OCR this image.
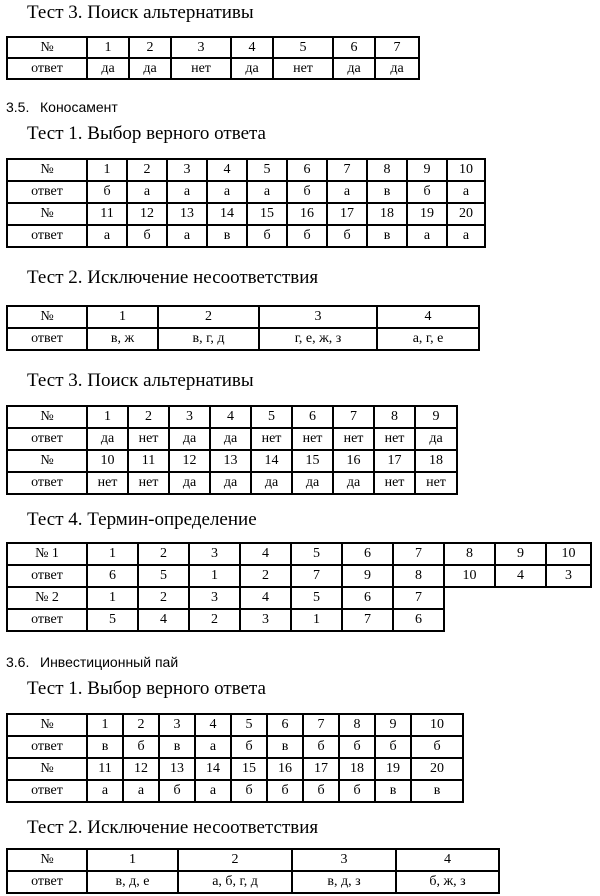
Тест 3. Поиск альтернативы
№	1	2	3	4	5	6	7
ответ	да	да	нет	да	нет	да	да
3.5. Коносамент
Тест 1. Выбор верного ответа
№	1	2	3	4	5	6	7	8	9	10
ответ	б	а	а	а	а	б	а	в	б	а
№	11	12	13	14	15	16	17	18	19	20
ответ	а	б	а	в	б	б	б	в	а	а
Тест 2. Исключение несоответствия
№	1	2	3	4
ответ	в, ж	в, г, д	г, е, ж, з	а, г, е
Тест 3. Поиск альтернативы
№	1	2	3	4	5	6	7	8	9
ответ	да	нет	да	да	нет	нет	нет	нет	да
№	10	11	12	13	14	15	16	17	18
ответ	нет	нет	да	да	да	да	да	нет	нет
Тест 4. Термин-определение
№ 1	1	2	3	4	5	6	7	8	9	10
ответ	6	5	1	2	7	9	8	10	4	3
№ 2	1	2	3	4	5	6	7			
ответ	5	4	2	3	1	7	6			
3.6. Инвестиционный пай
Тест 1. Выбор верного ответа
№	1	2	3	4	5	6	7	8	9	10
ответ	в	б	в	а	б	в	б	б	б	б
№	11	12	13	14	15	16	17	18	19	20
ответ	а	а	б	а	б	б	б	б	в	в
Тест 2. Исключение несоответствия
№	1	2	3	4
ответ	в, д, е	а, б, г, д	в, д, з	б, ж, з
